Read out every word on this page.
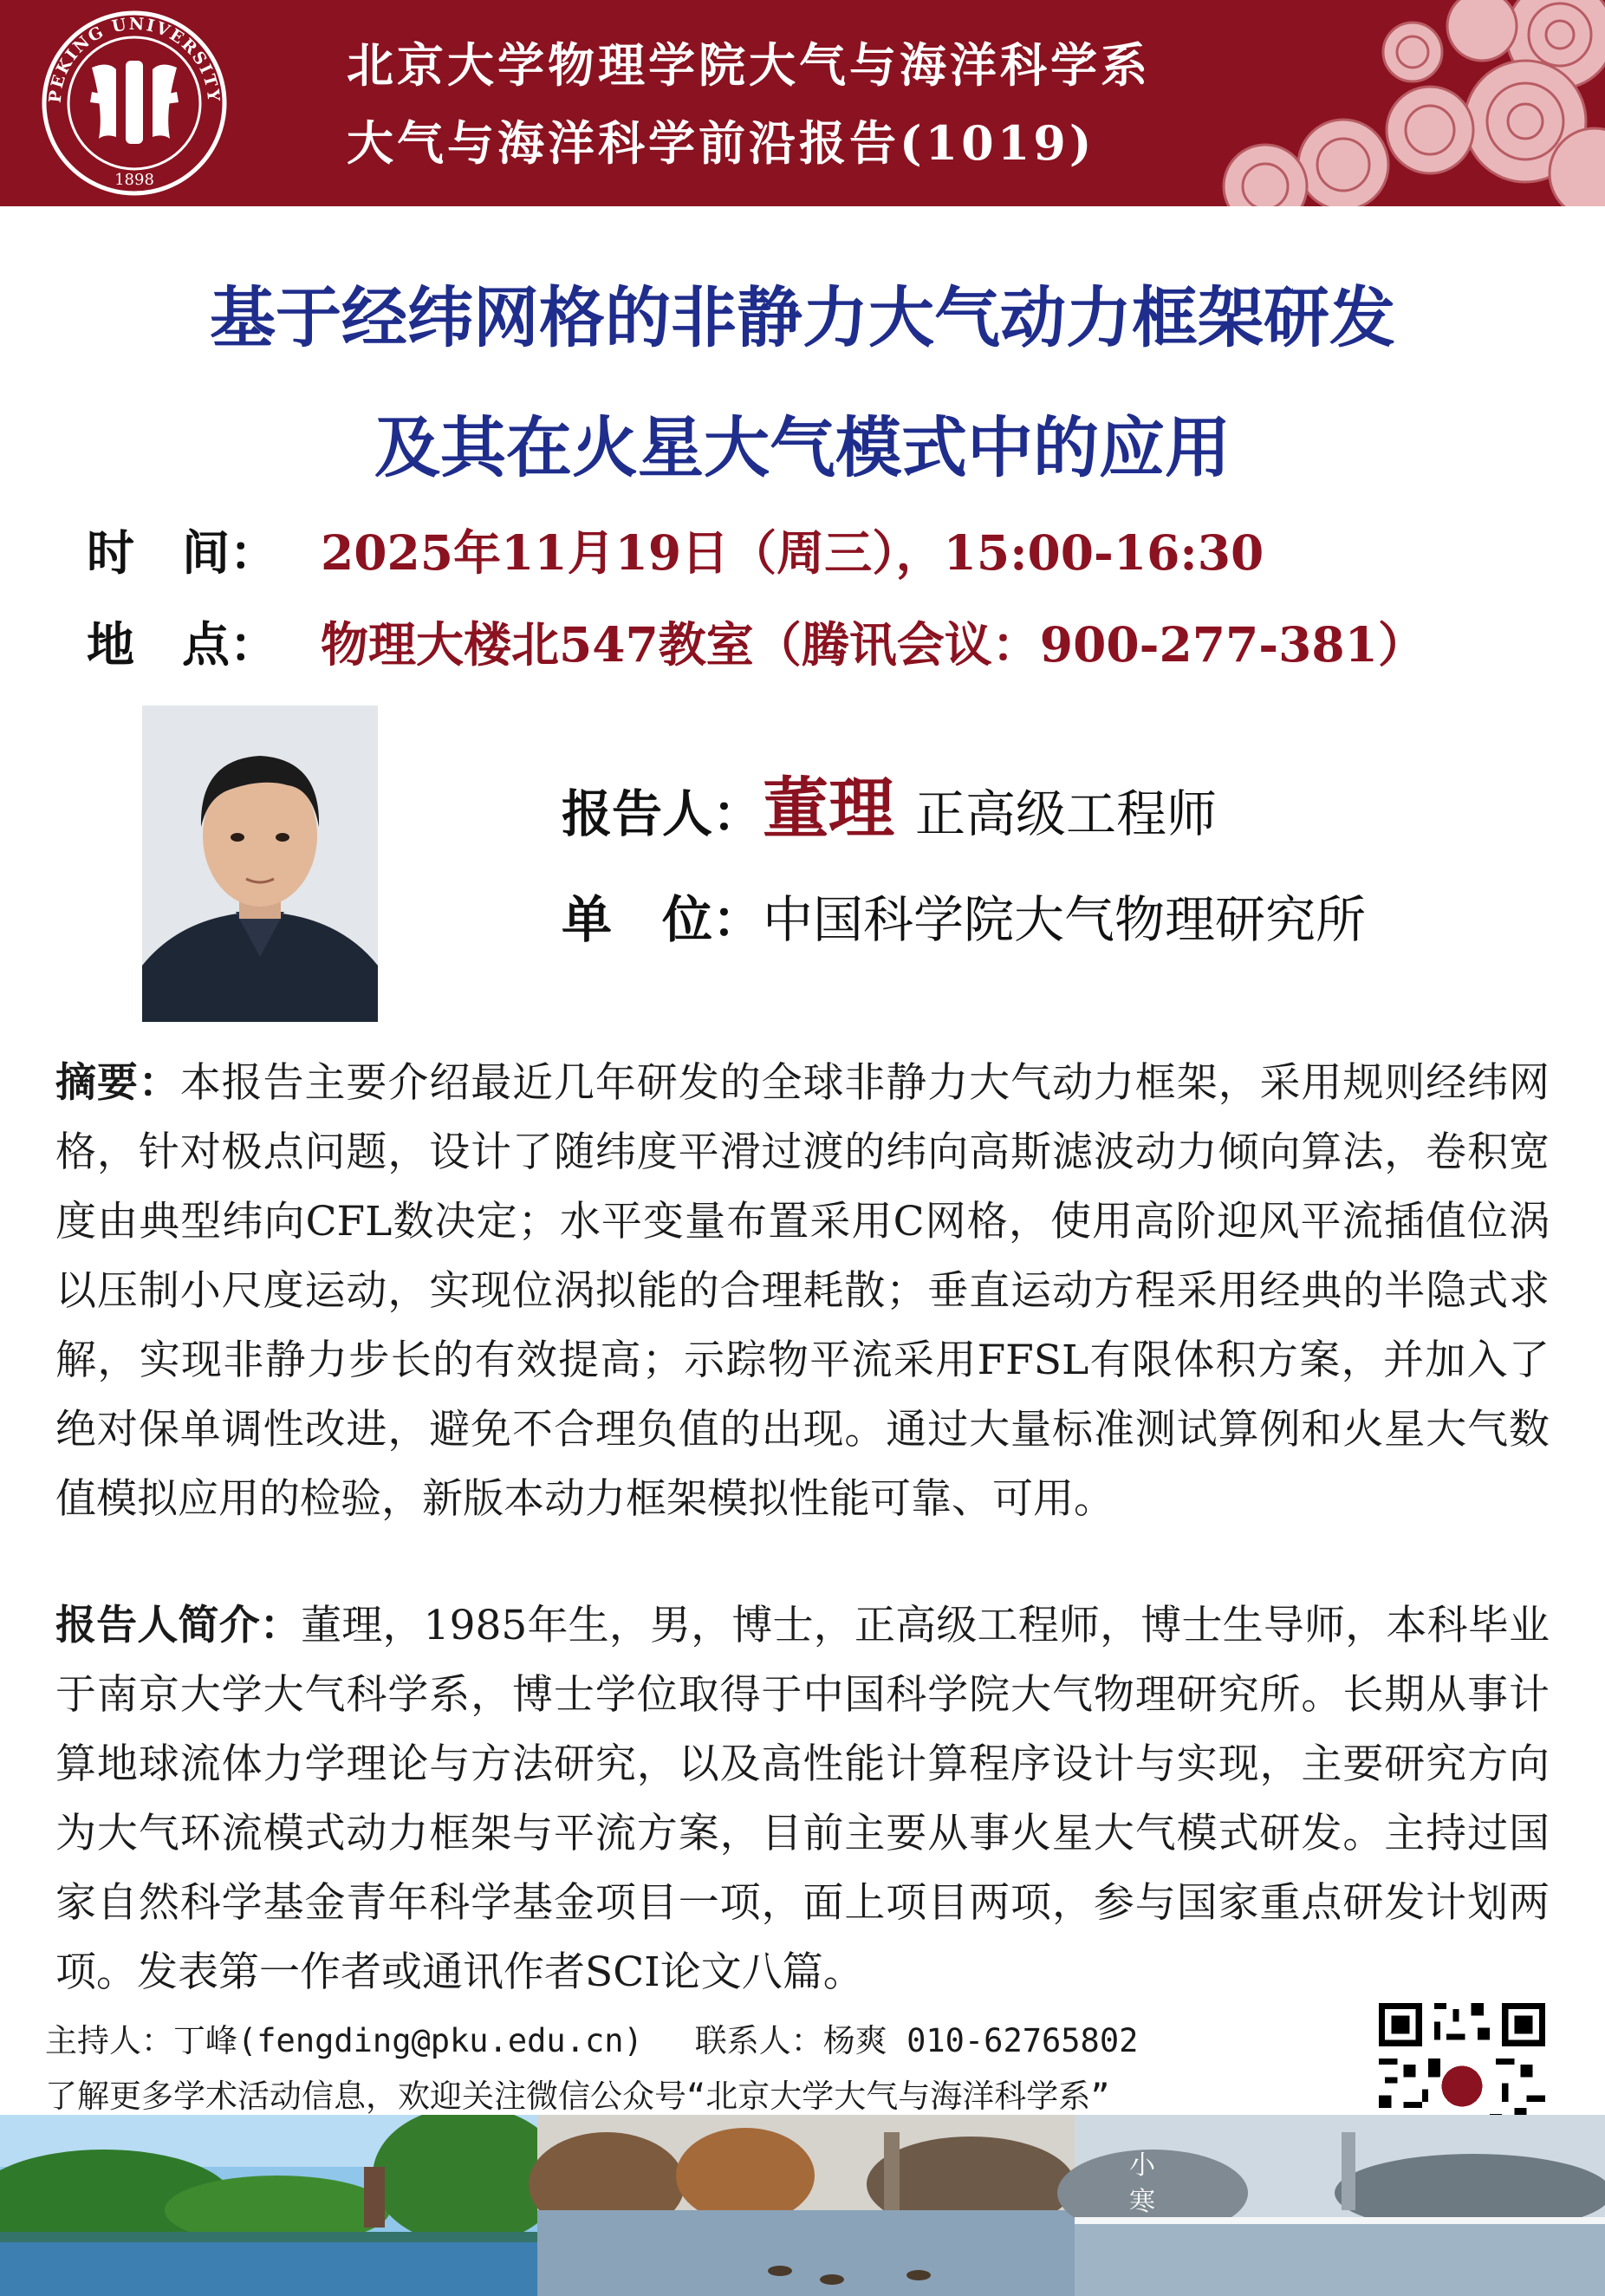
PEKING UNIVERSITY
1898
北京大学物理学院大气与海洋科学系
大气与海洋科学前沿报告(1019)
基于经纬网格的非静力大气动力框架研发
及其在火星大气模式中的应用
时　间： 2025年11月19日（周三），15:00-16:30
地　点： 物理大楼北547教室（腾讯会议：900-277-381）
报告人：董理 正高级工程师
单　位：中国科学院大气物理研究所
摘要：本报告主要介绍最近几年研发的全球非静力大气动力框架，采用规则经纬网格，针对极点问题，设计了随纬度平滑过渡的纬向高斯滤波动力倾向算法，卷积宽度由典型纬向CFL数决定；水平变量布置采用C网格，使用高阶迎风平流插值位涡以压制小尺度运动，实现位涡拟能的合理耗散；垂直运动方程采用经典的半隐式求解，实现非静力步长的有效提高；示踪物平流采用FFSL有限体积方案，并加入了绝对保单调性改进，避免不合理负值的出现。通过大量标准测试算例和火星大气数值模拟应用的检验，新版本动力框架模拟性能可靠、可用。
报告人简介：董理，1985年生，男，博士，正高级工程师，博士生导师，本科毕业于南京大学大气科学系，博士学位取得于中国科学院大气物理研究所。长期从事计算地球流体力学理论与方法研究，以及高性能计算程序设计与实现，主要研究方向为大气环流模式动力框架与平流方案，目前主要从事火星大气模式研发。主持过国家自然科学基金青年科学基金项目一项，面上项目两项，参与国家重点研发计划两项。发表第一作者或通讯作者SCI论文八篇。
主持人：丁峰(fengding@pku.edu.cn) 联系人：杨爽 010-62765802
了解更多学术活动信息，欢迎关注微信公众号“北京大学大气与海洋科学系”
小寒
